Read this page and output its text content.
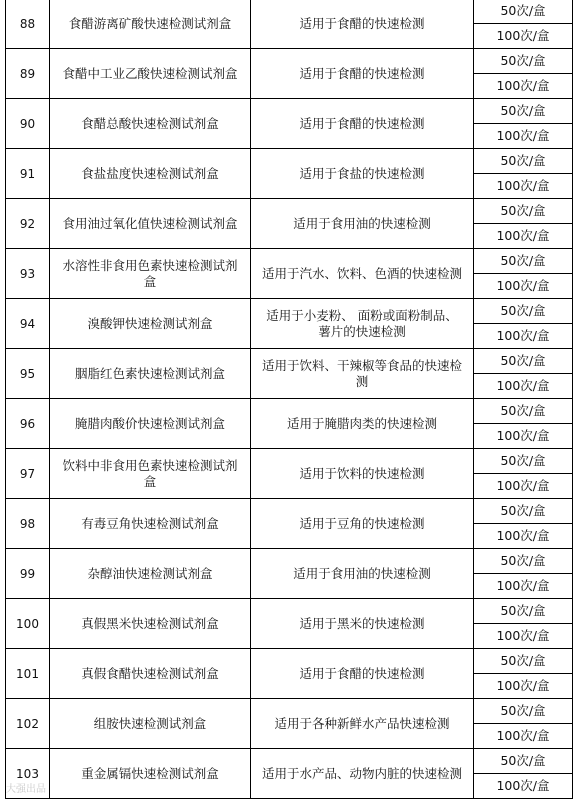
88	食醋游离矿酸快速检测试剂盒	适用于食醋的快速检测	50次/盒
			100次/盒
89	食醋中工业乙酸快速检测试剂盒	适用于食醋的快速检测	50次/盒
			100次/盒
90	食醋总酸快速检测试剂盒	适用于食醋的快速检测	50次/盒
			100次/盒
91	食盐盐度快速检测试剂盒	适用于食盐的快速检测	50次/盒
			100次/盒
92	食用油过氧化值快速检测试剂盒	适用于食用油的快速检测	50次/盒
			100次/盒
93	水溶性非食用色素快速检测试剂盒	适用于汽水、饮料、色酒的快速检测	50次/盒
			100次/盒
94	溴酸钾快速检测试剂盒	适用于小麦粉、 面粉或面粉制品、薯片的快速检测	50次/盒
			100次/盒
95	胭脂红色素快速检测试剂盒	适用于饮料、干辣椒等食品的快速检测	50次/盒
			100次/盒
96	腌腊肉酸价快速检测试剂盒	适用于腌腊肉类的快速检测	50次/盒
			100次/盒
97	饮料中非食用色素快速检测试剂盒	适用于饮料的快速检测	50次/盒
			100次/盒
98	有毒豆角快速检测试剂盒	适用于豆角的快速检测	50次/盒
			100次/盒
99	杂醇油快速检测试剂盒	适用于食用油的快速检测	50次/盒
			100次/盒
100	真假黑米快速检测试剂盒	适用于黑米的快速检测	50次/盒
			100次/盒
101	真假食醋快速检测试剂盒	适用于食醋的快速检测	50次/盒
			100次/盒
102	组胺快速检测试剂盒	适用于各种新鲜水产品快速检测	50次/盒
			100次/盒
103	重金属镉快速检测试剂盒	适用于水产品、动物内脏的快速检测	50次/盒
			100次/盒
大强出品
